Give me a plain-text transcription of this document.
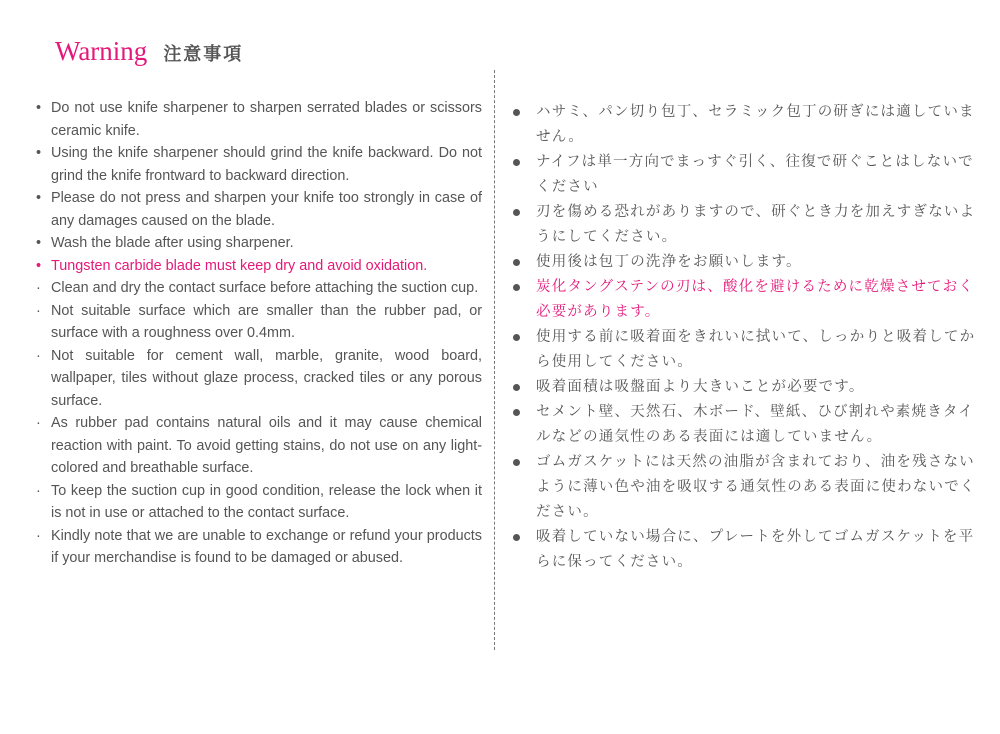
Warning 注意事項
• Do not use knife sharpener to sharpen serrated blades or scissors ceramic knife.
• Using the knife sharpener should grind the knife backward. Do not grind the knife frontward to backward direction.
• Please do not press and sharpen your knife too strongly in case of any damages caused on the blade.
• Wash the blade after using sharpener.
• Tungsten carbide blade must keep dry and avoid oxidation.
· Clean and dry the contact surface before attaching the suction cup.
· Not suitable surface which are smaller than the rubber pad, or surface with a roughness over 0.4mm.
· Not suitable for cement wall, marble, granite, wood board, wallpaper, tiles without glaze process, cracked tiles or any porous surface.
· As rubber pad contains natural oils and it may cause chemical reaction with paint. To avoid getting stains, do not use on any light-colored and breathable surface.
· To keep the suction cup in good condition, release the lock when it is not in use or attached to the contact surface.
· Kindly note that we are unable to exchange or refund your products if your merchandise is found to be damaged or abused.
ハサミ、パン切り包丁、セラミック包丁の研ぎには適していません。
ナイフは単一方向でまっすぐ引く、往復で研ぐことはしないでください
刃を傷める恐れがありますので、研ぐとき力を加えすぎないようにしてください。
使用後は包丁の洗浄をお願いします。
炭化タングステンの刃は、酸化を避けるために乾燥させておく必要があります。
使用する前に吸着面をきれいに拭いて、しっかりと吸着してから使用してください。
吸着面積は吸盤面より大きいことが必要です。
セメント壁、天然石、木ボード、壁紙、ひび割れや素焼きタイルなどの通気性のある表面には適していません。
ゴムガスケットには天然の油脂が含まれており、油を残さないように薄い色や油を吸収する通気性のある表面に使わないでください。
吸着していない場合に、プレートを外してゴムガスケットを平らに保ってください。
